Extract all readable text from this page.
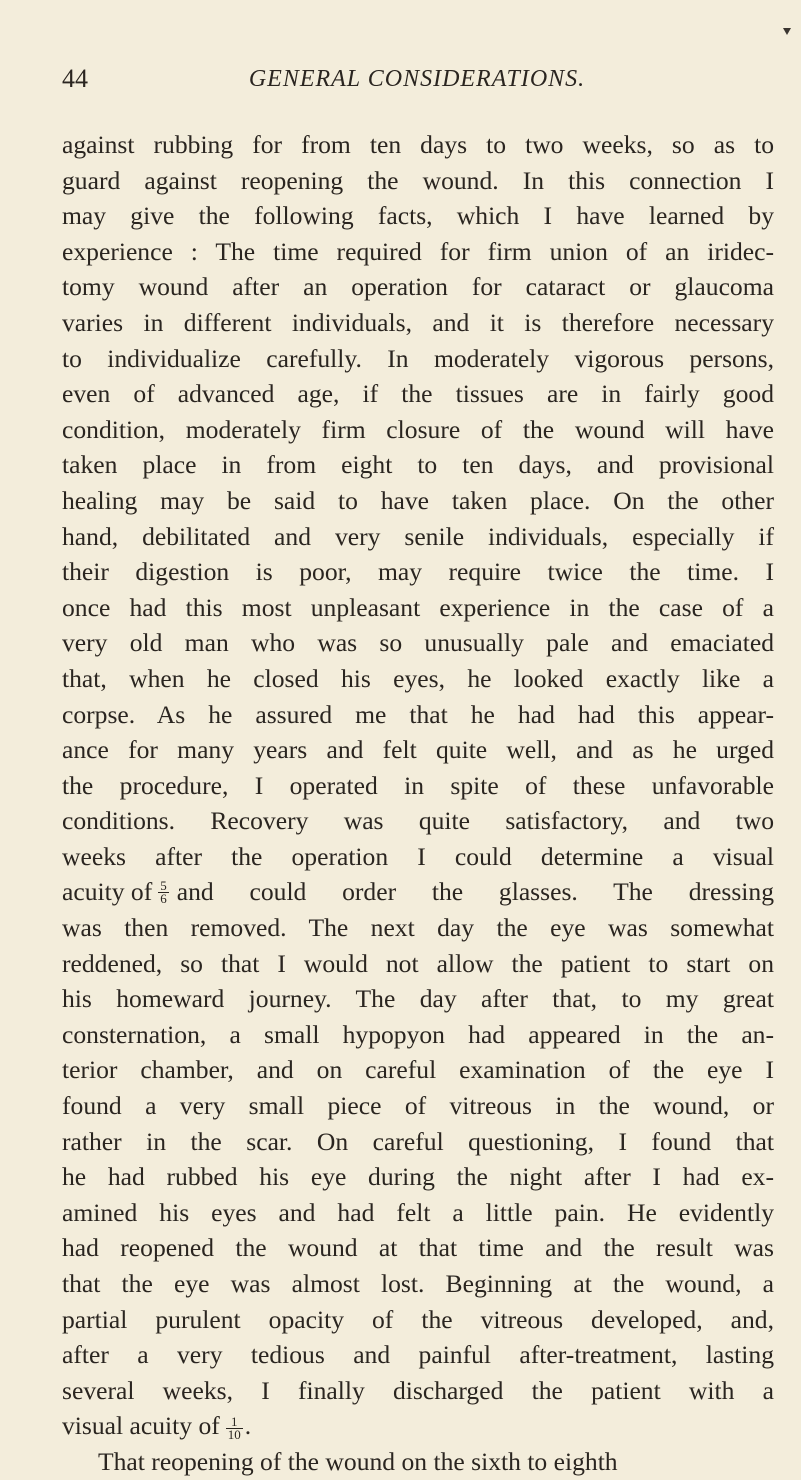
44	GENERAL CONSIDERATIONS.
against rubbing for from ten days to two weeks, so as to
guard against reopening the wound. In this connection I
may give the following facts, which I have learned by
experience : The time required for firm union of an iridec-
tomy wound after an operation for cataract or glaucoma
varies in different individuals, and it is therefore necessary
to individualize carefully. In moderately vigorous persons,
even of advanced age, if the tissues are in fairly good
condition, moderately firm closure of the wound will have
taken place in from eight to ten days, and provisional
healing may be said to have taken place. On the other
hand, debilitated and very senile individuals, especially if
their digestion is poor, may require twice the time. I
once had this most unpleasant experience in the case of a
very old man who was so unusually pale and emaciated
that, when he closed his eyes, he looked exactly like a
corpse. As he assured me that he had had this appear-
ance for many years and felt quite well, and as he urged
the procedure, I operated in spite of these unfavorable
conditions. Recovery was quite satisfactory, and two
weeks after the operation I could determine a visual
acuity of $\frac{5}{6}$ and could order the glasses. The dressing
was then removed. The next day the eye was somewhat
reddened, so that I would not allow the patient to start on
his homeward journey. The day after that, to my great
consternation, a small hypopyon had appeared in the an-
terior chamber, and on careful examination of the eye I
found a very small piece of vitreous in the wound, or
rather in the scar. On careful questioning, I found that
he had rubbed his eye during the night after I had ex-
amined his eyes and had felt a little pain. He evidently
had reopened the wound at that time and the result was
that the eye was almost lost. Beginning at the wound, a
partial purulent opacity of the vitreous developed, and,
after a very tedious and painful after-treatment, lasting
several weeks, I finally discharged the patient with a
visual acuity of $\frac{1}{10}$ .
That reopening of the wound on the sixth to eighth
